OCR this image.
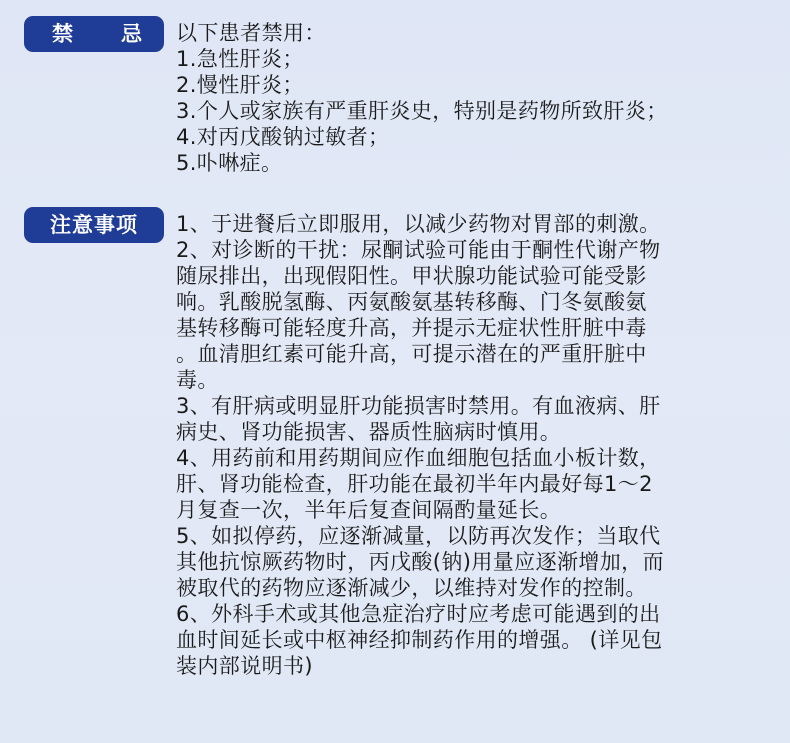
禁 忌 以下患者禁用：
1.急性肝炎；
2.慢性肝炎；
3.个人或家族有严重肝炎史，特别是药物所致肝炎；
4.对丙戊酸钠过敏者；
5.卟啉症。
注意事项	1、于进餐后立即服用，以减少药物对胃部的刺激。
2、对诊断的干扰：尿酮试验可能由于酮性代谢产物
随尿排出，出现假阳性。甲状腺功能试验可能受影
响。乳酸脱氢酶、丙氨酸氨基转移酶、门冬氨酸氨
基转移酶可能轻度升高，并提示无症状性肝脏中毒
。血清胆红素可能升高，可提示潜在的严重肝脏中
毒。
3、有肝病或明显肝功能损害时禁用。有血液病、肝
病史、肾功能损害、器质性脑病时慎用。
4、用药前和用药期间应作血细胞包括血小板计数，
肝、肾功能检查，肝功能在最初半年内最好每1～2
月复查一次，半年后复查间隔酌量延长。
5、如拟停药，应逐渐减量，以防再次发作；当取代
其他抗惊厥药物时，丙戊酸(钠)用量应逐渐增加，而
被取代的药物应逐渐减少，以维持对发作的控制。
6、外科手术或其他急症治疗时应考虑可能遇到的出
血时间延长或中枢神经抑制药作用的增强。 (详见包
装内部说明书)
